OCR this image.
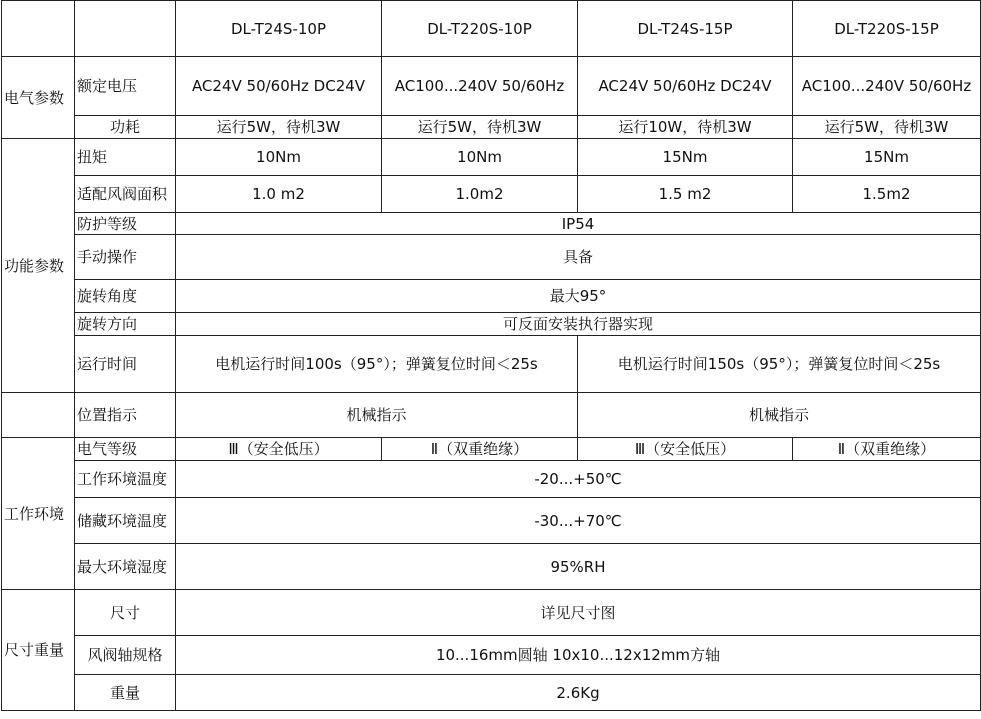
		DL-T24S-10P	DL-T220S-10P	DL-T24S-15P	DL-T220S-15P
电气参数	额定电压	AC24V 50/60Hz DC24V	AC100...240V 50/60Hz	AC24V 50/60Hz DC24V	AC100...240V 50/60Hz
	功耗	运行5W，待机3W	运行5W，待机3W	运行10W，待机3W	运行5W，待机3W
功能参数	扭矩	10Nm	10Nm	15Nm	15Nm
	适配风阀面积	1.0 m2	1.0m2	1.5 m2	1.5m2
	防护等级	IP54			
	手动操作	具备			
	旋转角度	最大95°			
	旋转方向	可反面安装执行器实现			
	运行时间	电机运行时间100s（95°）；弹簧复位时间＜25s		电机运行时间150s（95°）；弹簧复位时间＜25s	
	位置指示	机械指示		机械指示	
工作环境	电气等级	Ⅲ（安全低压）	Ⅱ（双重绝缘）	Ⅲ（安全低压）	Ⅱ（双重绝缘）
	工作环境温度	-20...+50℃			
	储藏环境温度	-30...+70℃			
	最大环境湿度	95%RH			
尺寸重量	尺寸	详见尺寸图			
	风阀轴规格	10...16mm圆轴 10x10...12x12mm方轴			
	重量	2.6Kg			
